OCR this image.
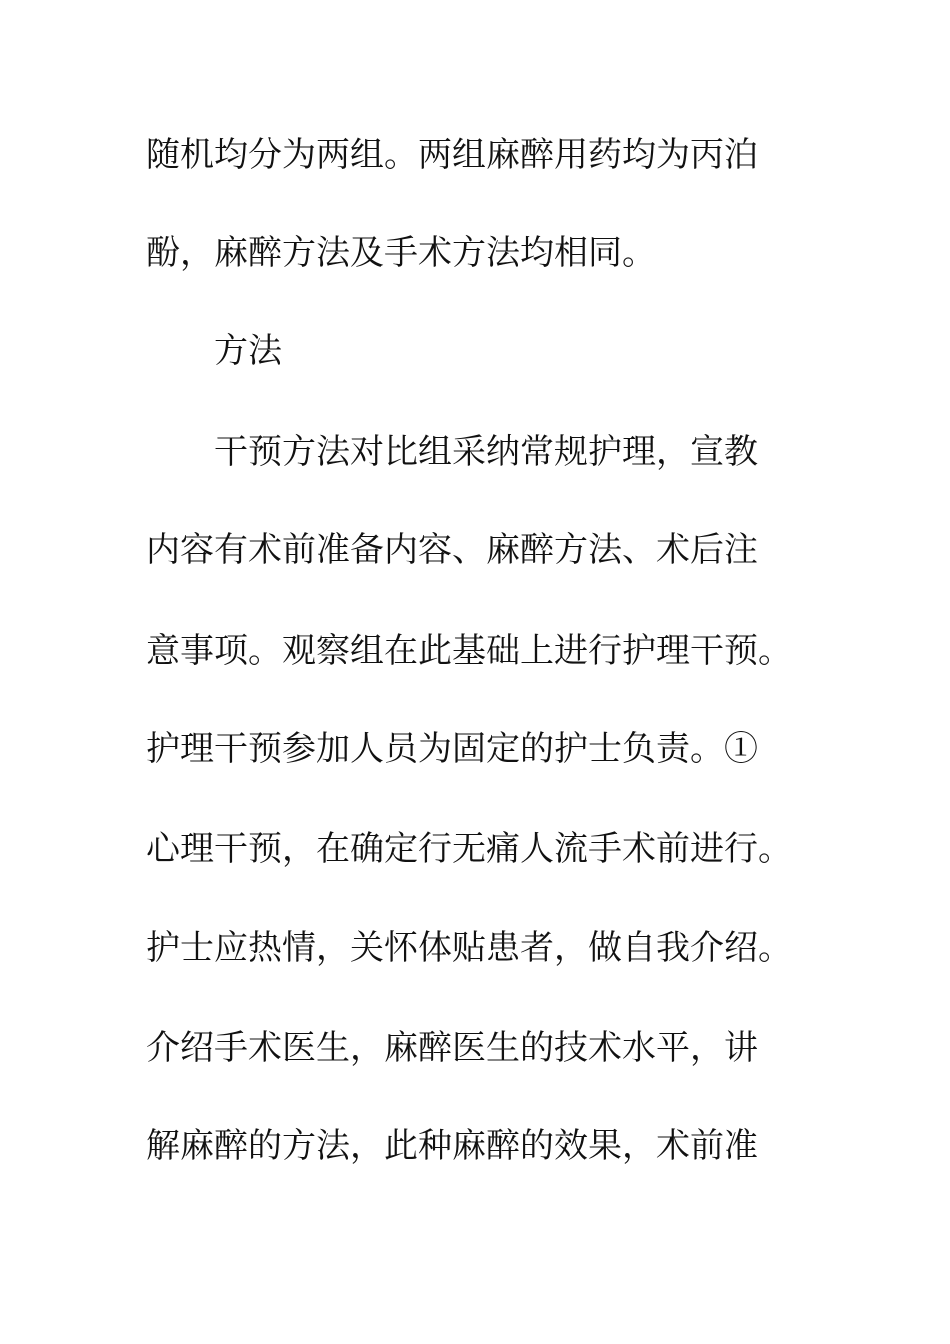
随机均分为两组。两组麻醉用药均为丙泊
酚，麻醉方法及手术方法均相同。
方法
干预方法对比组采纳常规护理，宣教
内容有术前准备内容、麻醉方法、术后注
意事项。观察组在此基础上进行护理干预。
护理干预参加人员为固定的护士负责。①
心理干预，在确定行无痛人流手术前进行。
护士应热情，关怀体贴患者，做自我介绍。
介绍手术医生，麻醉医生的技术水平，讲
解麻醉的方法，此种麻醉的效果，术前准
